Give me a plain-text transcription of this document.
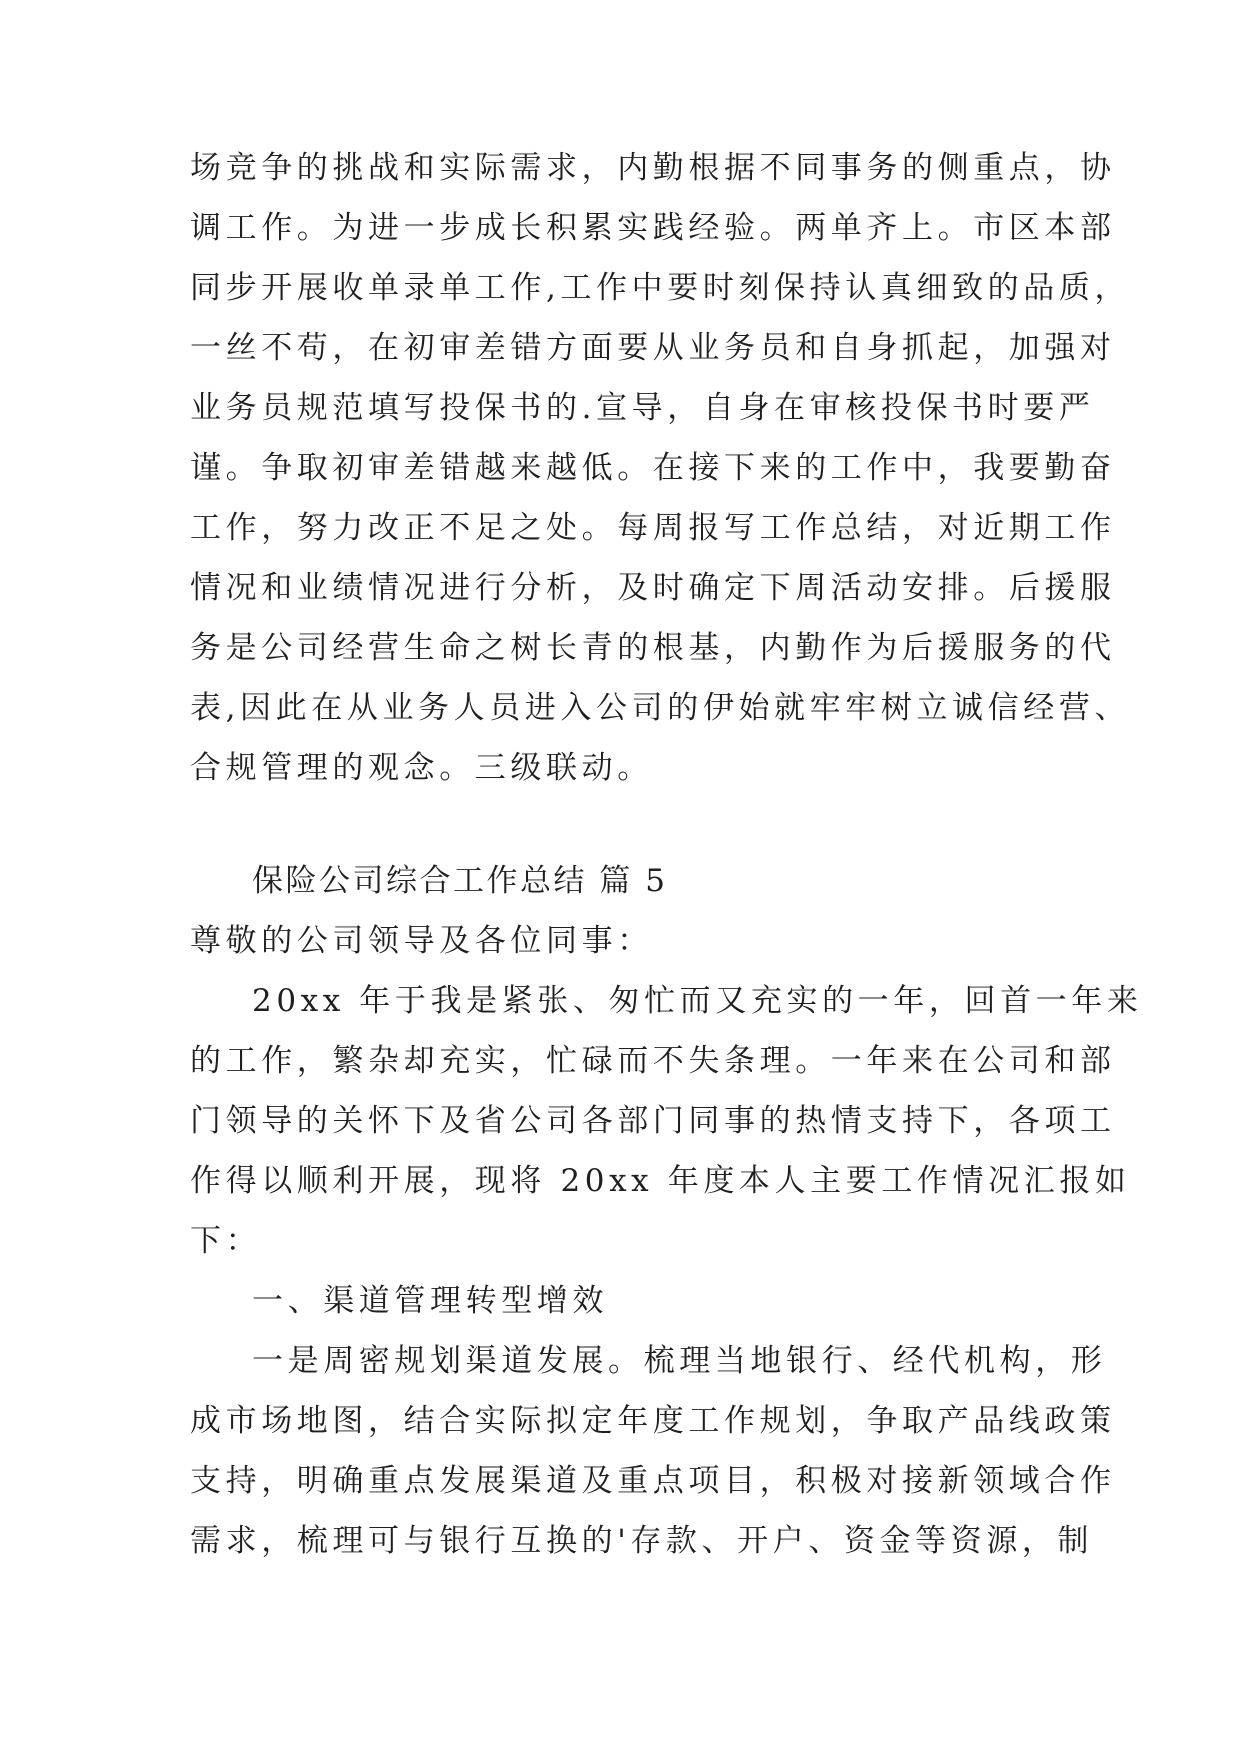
场竞争的挑战和实际需求，内勤根据不同事务的侧重点，协
调工作。为进一步成长积累实践经验。两单齐上。市区本部
同步开展收单录单工作,工作中要时刻保持认真细致的品质，
一丝不苟，在初审差错方面要从业务员和自身抓起，加强对
业务员规范填写投保书的.宣导，自身在审核投保书时要严
谨。争取初审差错越来越低。在接下来的工作中，我要勤奋
工作，努力改正不足之处。每周报写工作总结，对近期工作
情况和业绩情况进行分析，及时确定下周活动安排。后援服
务是公司经营生命之树长青的根基，内勤作为后援服务的代
表,因此在从业务人员进入公司的伊始就牢牢树立诚信经营、
合规管理的观念。三级联动。
保险公司综合工作总结 篇 5
尊敬的公司领导及各位同事：
20xx 年于我是紧张、匆忙而又充实的一年，回首一年来
的工作，繁杂却充实，忙碌而不失条理。一年来在公司和部
门领导的关怀下及省公司各部门同事的热情支持下，各项工
作得以顺利开展，现将 20xx 年度本人主要工作情况汇报如
下：
一、渠道管理转型增效
一是周密规划渠道发展。梳理当地银行、经代机构，形
成市场地图，结合实际拟定年度工作规划，争取产品线政策
支持，明确重点发展渠道及重点项目，积极对接新领域合作
需求，梳理可与银行互换的'存款、开户、资金等资源，制
